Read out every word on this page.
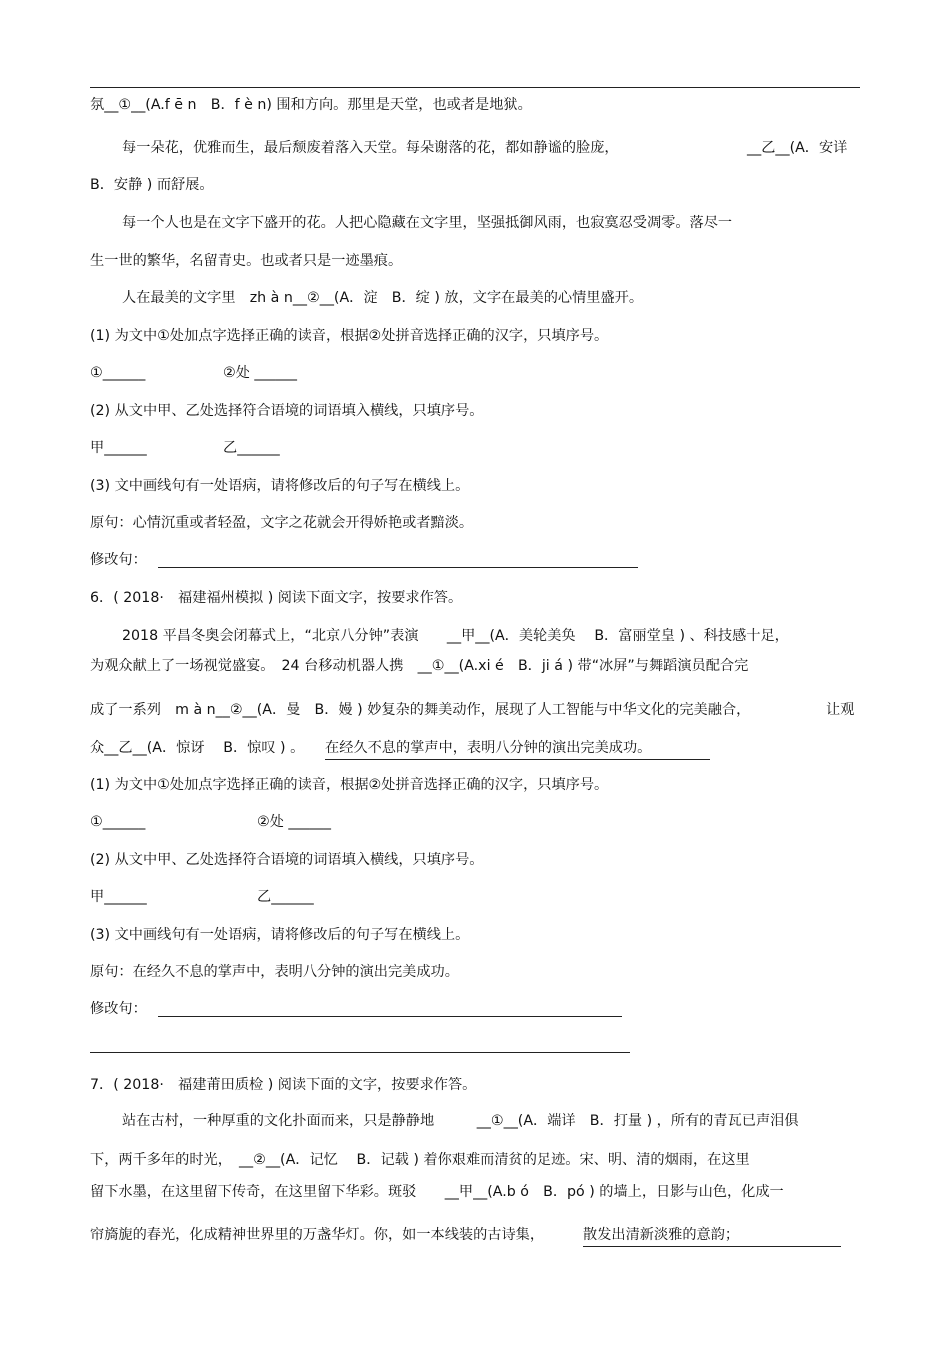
氛__①__(A.f ē n　B．f è n) 围和方向。那里是天堂，也或者是地狱。
每一朵花，优雅而生，最后颓废着落入天堂。每朵谢落的花，都如静谧的脸庞，	__乙__(A．安详
B．安静 ) 而舒展。
每一个人也是在文字下盛开的花。人把心隐藏在文字里，坚强抵御风雨，也寂寞忍受凋零。落尽一
生一世的繁华，名留青史。也或者只是一迹墨痕。
人在最美的文字里　zh à n__②__(A．淀　B．绽 ) 放，文字在最美的心情里盛开。
(1) 为文中①处加点字选择正确的读音，根据②处拼音选择正确的汉字，只填序号。
①______	②处 ______
(2) 从文中甲、乙处选择符合语境的词语填入横线，只填序号。
甲______	乙______
(3) 文中画线句有一处语病，请将修改后的句子写在横线上。
原句：心情沉重或者轻盈，文字之花就会开得娇艳或者黯淡。
修改句：
6．( 2018·　福建福州模拟 ) 阅读下面文字，按要求作答。
2018 平昌冬奥会闭幕式上，“北京八分钟”表演　　__甲__(A．美轮美奂　 B．富丽堂皇 ) 、科技感十足，
为观众献上了一场视觉盛宴。　24 台移动机器人携　__①__(A.xi é　B．ji á ) 带“冰屏”与舞蹈演员配合完
成了一系列　m à n__②__(A．曼　B．嫚 ) 妙复杂的舞美动作，展现了人工智能与中华文化的完美融合，	让观
众__乙__(A．惊讶　 B．惊叹 ) 。 在经久不息的掌声中，表明八分钟的演出完美成功。
(1) 为文中①处加点字选择正确的读音，根据②处拼音选择正确的汉字，只填序号。
①______	②处 ______
(2) 从文中甲、乙处选择符合语境的词语填入横线，只填序号。
甲______	乙______
(3) 文中画线句有一处语病，请将修改后的句子写在横线上。
原句：在经久不息的掌声中，表明八分钟的演出完美成功。
修改句：
7．( 2018·　福建莆田质检 ) 阅读下面的文字，按要求作答。
站在古村，一种厚重的文化扑面而来，只是静静地　　　__①__(A．端详　B．打量 ) ，所有的青瓦已声泪俱
下，两千多年的时光，　__②__(A．记忆　 B．记载 ) 着你艰难而清贫的足迹。宋、明、清的烟雨，在这里
留下水墨，在这里留下传奇，在这里留下华彩。斑驳　　__甲__(A.b ó　B．pó ) 的墙上，日影与山色，化成一
帘旖旎的春光，化成精神世界里的万盏华灯。你，如一本线装的古诗集，	散发出清新淡雅的意韵；
